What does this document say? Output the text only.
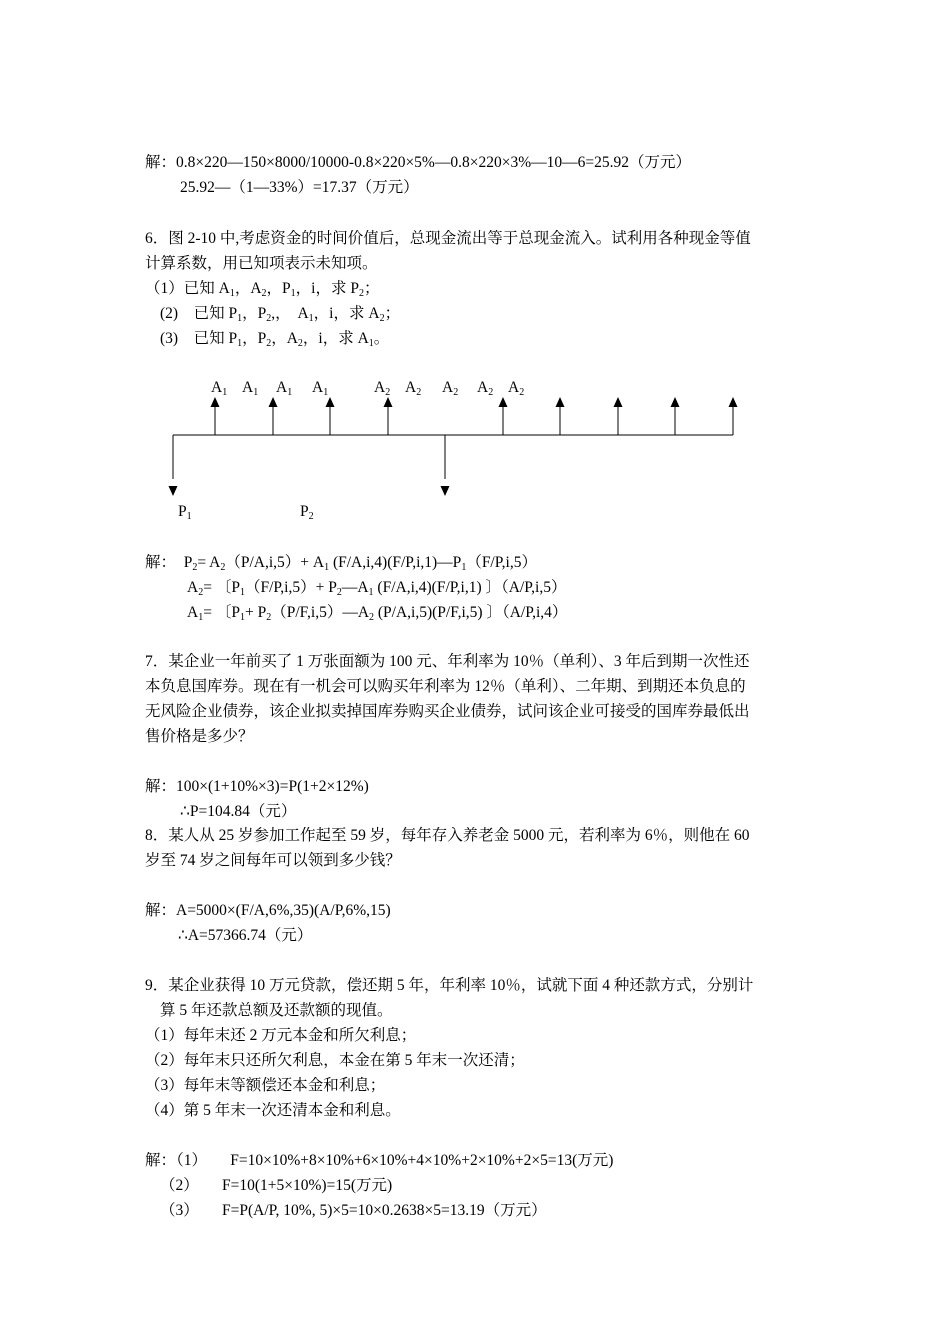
解：0.8×220—150×8000/10000-0.8×220×5%—0.8×220×3%—10—6=25.92（万元）
25.92—（1—33%）=17.37（万元）
6．图 2-10 中,考虑资金的时间价值后，总现金流出等于总现金流入。试利用各种现金等值
计算系数，用已知项表示未知项。
（1）已知 $A_1$，$A_2$，$P_1$，i，求 $P_2$；
(2)    已知 $P_1$，$P_2$,，  $A_1$，i，求 $A_2$；
(3)    已知 $P_1$，$P_2$，$A_2$，i，求 $A_1$。
$A_1$ $A_1$ $A_1$ $A_1$	$A_2$ $A_2$ $A_2$ $A_2$ $A_2$
$P_1$	$P_2$
解：  $P_2= A_2(P/A,i,5)+ A_1$ $(F/A,i,4)(F/P,i,1)—P_1(F/P,i,5)$
$A_2=$ 〔$P_1(F/P,i,5)+$ $P_2—A_1$ (F/A,i,4)(F/P,i,1) 〕（A/P,i,5）
$A_1=$ 〔$P_1+$ $P_2(P/F,i,5)—A_2$ (P/A,i,5)(P/F,i,5) 〕（A/P,i,4）
7．某企业一年前买了 1 万张面额为 100 元、年利率为 10％（单利）、3 年后到期一次性还
本负息国库券。现在有一机会可以购买年利率为 12％（单利）、二年期、到期还本负息的
无风险企业债券，该企业拟卖掉国库券购买企业债券，试问该企业可接受的国库券最低出
售价格是多少？
解：100×(1+10%×3)=P(1+2×12%)
∴P=104.84（元）
8．某人从 25 岁参加工作起至 59 岁，每年存入养老金 5000 元，若利率为 6％，则他在 60
岁至 74 岁之间每年可以领到多少钱？
解：A=5000×(F/A,6%,35)(A/P,6%,15)
∴A=57366.74（元）
9．某企业获得 10 万元贷款，偿还期 5 年，年利率 10％，试就下面 4 种还款方式，分别计
算 5 年还款总额及还款额的现值。
（1）每年末还 2 万元本金和所欠利息；
（2）每年末只还所欠利息，本金在第 5 年末一次还清；
（3）每年末等额偿还本金和利息；
（4）第 5 年末一次还清本金和利息。
解：（1）      F=10×10%+8×10%+6×10%+4×10%+2×10%+2×5=13(万元)
（2）      F=10(1+5×10%)=15(万元)
（3）      F=P(A/P, 10%, 5)×5=10×0.2638×5=13.19（万元）
